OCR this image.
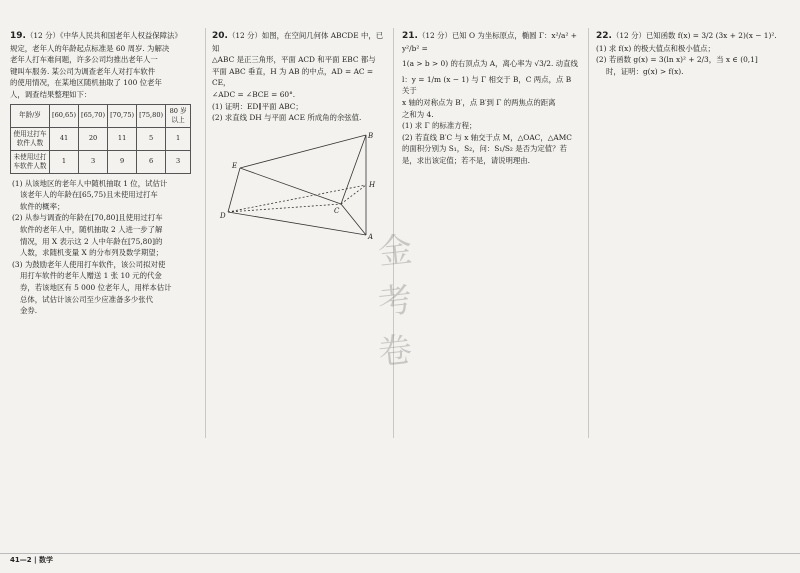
19.（12 分）《中华人民共和国老年人权益保障法》

规定，老年人的年龄起点标准是 60 周岁. 为解决

老年人打车难问题，许多公司均推出老年人一

键叫车服务. 某公司为调查老年人对打车软件

的使用情况，在某地区随机抽取了 100 位老年

人，调查结果整理如下：

年龄/岁	[60,65)	[65,70)	[70,75)	[75,80)	80 岁以上
使用过打车软件人数	41	20	11	5	1
未使用过打车软件人数	1	3	9	6	3

(1) 从该地区的老年人中随机抽取 1 位，试估计

该老年人的年龄在[65,75)且未使用过打车

软件的概率；

(2) 从参与调查的年龄在[70,80]且使用过打车

软件的老年人中，随机抽取 2 人进一步了解

情况，用 X 表示这 2 人中年龄在[75,80]的

人数，求随机变量 X 的分布列及数学期望；

(3) 为鼓励老年人使用打车软件，该公司拟对使

用打车软件的老年人赠送 1 张 10 元的代金

券，若该地区有 5 000 位老年人，用样本估计

总体，试估计该公司至少应准备多少张代

金券.

20.（12 分）如图，在空间几何体 ABCDE 中，已知

△ABC 是正三角形，平面 ACD 和平面 EBC 都与

平面 ABC 垂直，H 为 AB 的中点，AD = AC = CE，

∠ADC = ∠BCE = 60°.

(1) 证明：ED∥平面 ABC；

(2) 求直线 DH 与平面 ACE 所成角的余弦值.

B
E
H
C
D
A

21.（12 分）已知 O 为坐标原点，椭圆 Γ：x²/a² + y²/b² =

1(a > b > 0) 的右顶点为 A，离心率为 √3/2. 动直线

l：y = 1/m (x − 1) 与 Γ 相交于 B，C 两点，点 B 关于

x 轴的对称点为 B′，点 B′到 Γ 的两焦点的距离

之和为 4.

(1) 求 Γ 的标准方程；

(2) 若直线 B′C 与 x 轴交于点 M，△OAC，△AMC

的面积分别为 S₁，S₂，问：S₁/S₂ 是否为定值？若

是，求出该定值；若不是，请说明理由.

22.（12 分）已知函数 f(x) = 3/2 (3x + 2)(x − 1)².

(1) 求 f(x) 的极大值点和极小值点；

(2) 若函数 g(x) = 3(ln x)² + 2/3，当 x ∈ (0,1]

时，证明：g(x) > f(x).

金
考
卷
41—2 | 数学
